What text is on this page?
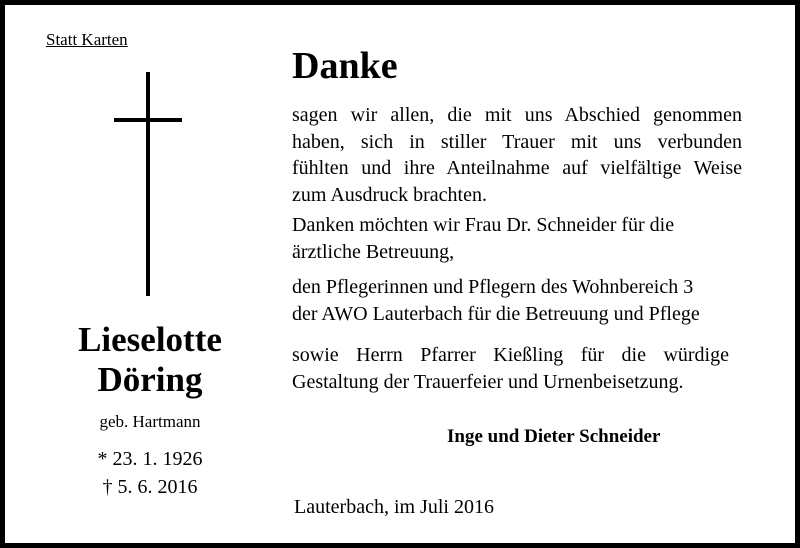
Statt Karten
Lieselotte
Döring
geb. Hartmann
* 23. 1. 1926
† 5. 6. 2016
Danke
sagen wir allen, die mit uns Abschied genommen
haben, sich in stiller Trauer mit uns verbunden
fühlten und ihre Anteilnahme auf vielfältige Weise
zum Ausdruck brachten.
Danken möchten wir Frau Dr. Schneider für die
ärztliche Betreuung,
den Pflegerinnen und Pflegern des Wohnbereich 3
der AWO Lauterbach für die Betreuung und Pflege
sowie Herrn Pfarrer Kießling für die würdige
Gestaltung der Trauerfeier und Urnenbeisetzung.
Inge und Dieter Schneider
Lauterbach, im Juli 2016
